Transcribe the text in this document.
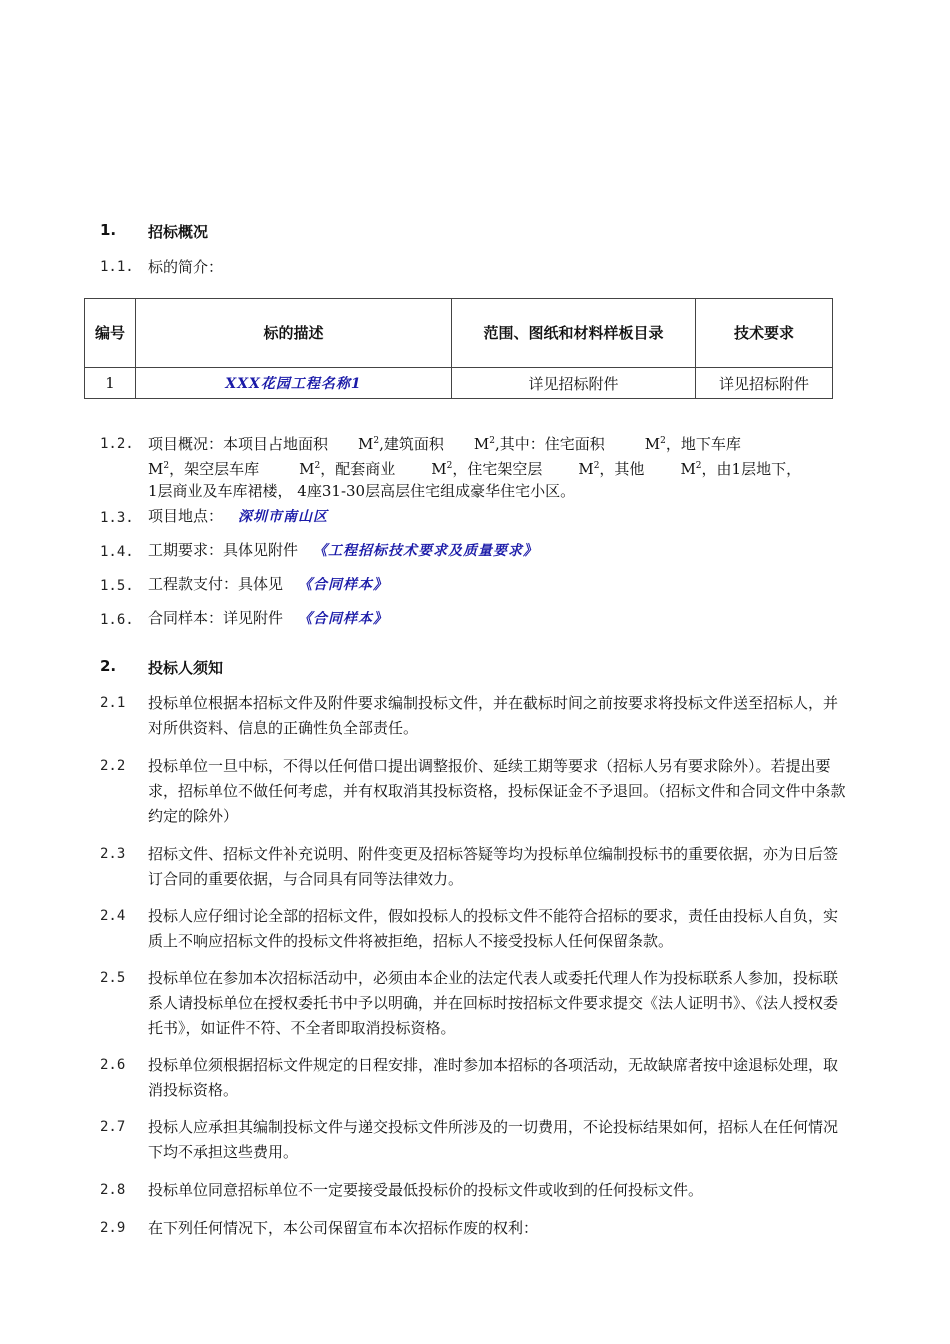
1. 招标概况
1.1. 标的简介：
编号	标的描述	范围、图纸和材料样板目录	技术要求
1	XXX花园工程名称1	详见招标附件	详见招标附件
1.2. 项目概况：本项目占地面积 $M^2$,建筑面积 $M^2$,其中：住宅面积	$M^2$，地下车库
$M^2$，架空层车库	$M^2$，配套商业 $M^2$，住宅架空层 $M^2$，其他 $M^2$，由1层地下，
1层商业及车库裙楼， 4座31-30层高层住宅组成豪华住宅小区。
1.3. 项目地点： 深圳市南山区
1.4. 工期要求：具体见附件 《工程招标技术要求及质量要求》
1.5. 工程款支付：具体见 《合同样本》
1.6. 合同样本：详见附件 《合同样本》
2. 投标人须知
2.1 投标单位根据本招标文件及附件要求编制投标文件，并在截标时间之前按要求将投标文件送至招标人，并对所供资料、信息的正确性负全部责任。
2.2 投标单位一旦中标，不得以任何借口提出调整报价、延续工期等要求（招标人另有要求除外）。若提出要求，招标单位不做任何考虑，并有权取消其投标资格，投标保证金不予退回。（招标文件和合同文件中条款约定的除外）
2.3 招标文件、招标文件补充说明、附件变更及招标答疑等均为投标单位编制投标书的重要依据，亦为日后签订合同的重要依据，与合同具有同等法律效力。
2.4 投标人应仔细讨论全部的招标文件，假如投标人的投标文件不能符合招标的要求，责任由投标人自负，实质上不响应招标文件的投标文件将被拒绝，招标人不接受投标人任何保留条款。
2.5 投标单位在参加本次招标活动中，必须由本企业的法定代表人或委托代理人作为投标联系人参加，投标联系人请投标单位在授权委托书中予以明确，并在回标时按招标文件要求提交《法人证明书》、《法人授权委托书》，如证件不符、不全者即取消投标资格。
2.6 投标单位须根据招标文件规定的日程安排，准时参加本招标的各项活动，无故缺席者按中途退标处理，取消投标资格。
2.7 投标人应承担其编制投标文件与递交投标文件所涉及的一切费用，不论投标结果如何，招标人在任何情况下均不承担这些费用。
2.8 投标单位同意招标单位不一定要接受最低投标价的投标文件或收到的任何投标文件。
2.9 在下列任何情况下，本公司保留宣布本次招标作废的权利：
